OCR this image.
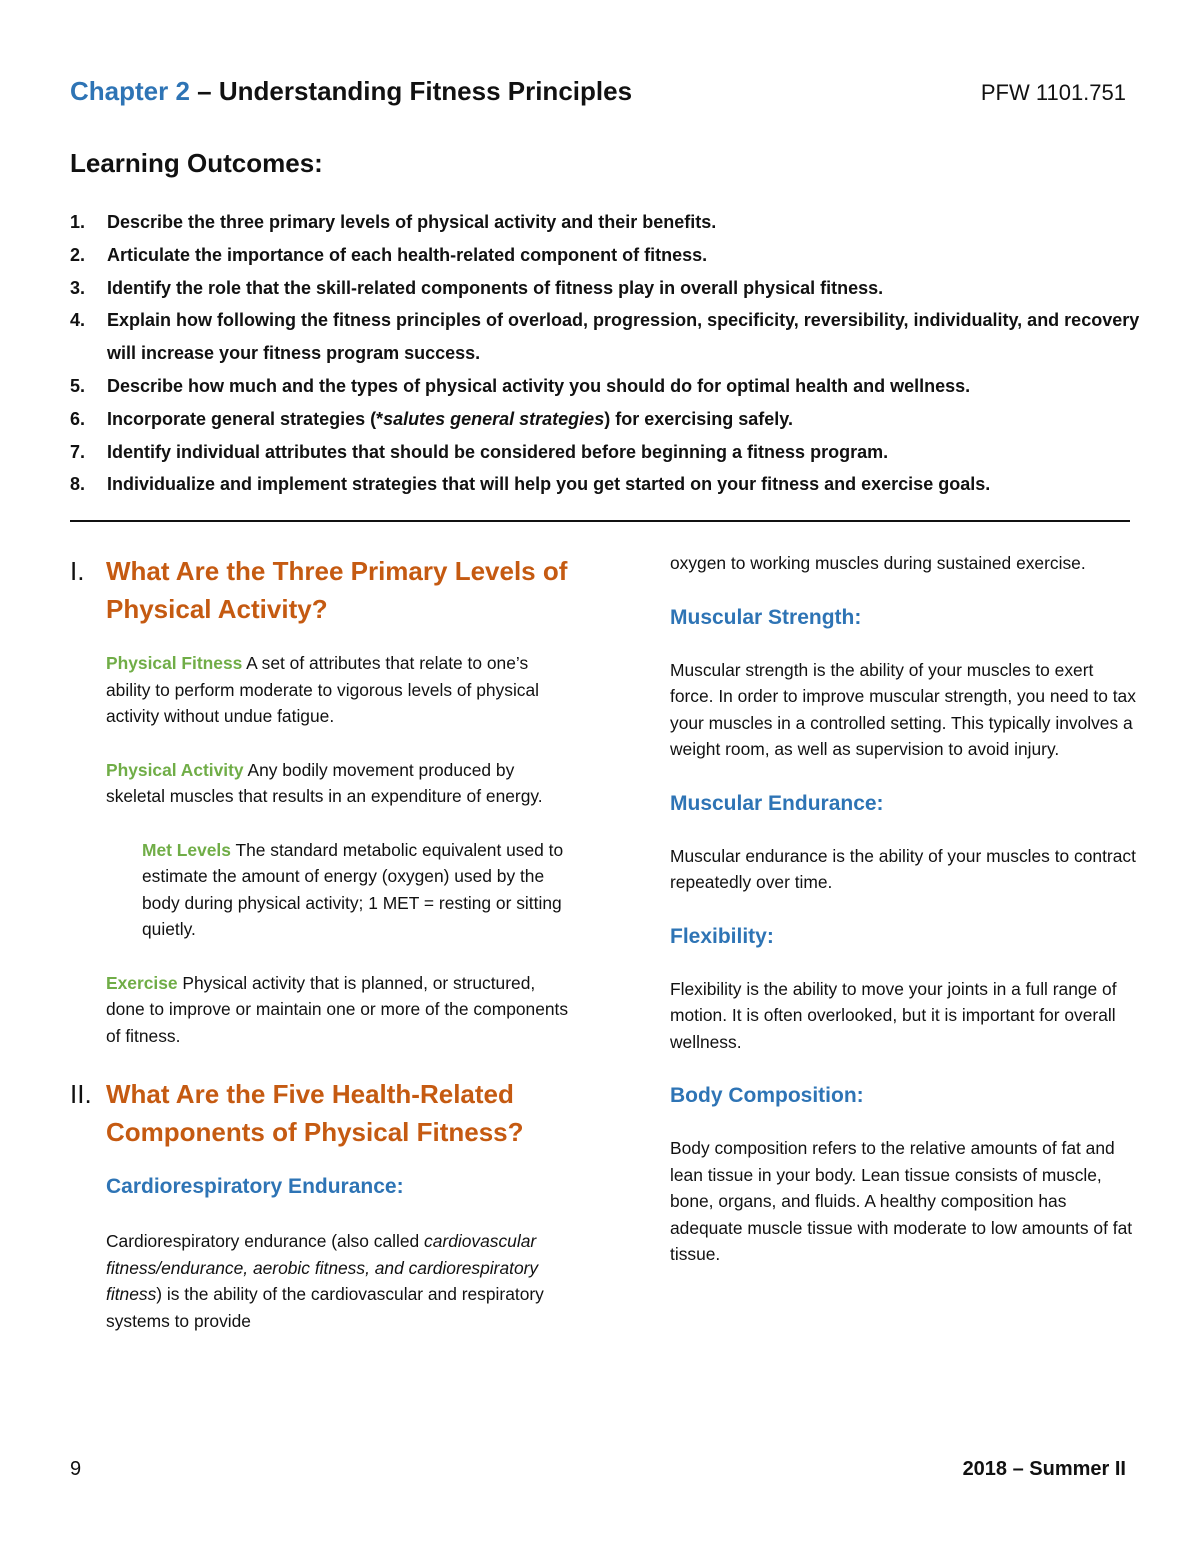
Chapter 2 – Understanding Fitness Principles	PFW 1101.751
Learning Outcomes:
1. Describe the three primary levels of physical activity and their benefits.
2. Articulate the importance of each health-related component of fitness.
3. Identify the role that the skill-related components of fitness play in overall physical fitness.
4. Explain how following the fitness principles of overload, progression, specificity, reversibility, individuality, and recovery will increase your fitness program success.
5. Describe how much and the types of physical activity you should do for optimal health and wellness.
6. Incorporate general strategies (*salutes general strategies) for exercising safely.
7. Identify individual attributes that should be considered before beginning a fitness program.
8. Individualize and implement strategies that will help you get started on your fitness and exercise goals.
I. What Are the Three Primary Levels of Physical Activity?

Physical Fitness A set of attributes that relate to one’s ability to perform moderate to vigorous levels of physical activity without undue fatigue.

Physical Activity Any bodily movement produced by skeletal muscles that results in an expenditure of energy.

Met Levels The standard metabolic equivalent used to estimate the amount of energy (oxygen) used by the body during physical activity; 1 MET = resting or sitting quietly.

Exercise Physical activity that is planned, or structured, done to improve or maintain one or more of the components of fitness.

II. What Are the Five Health-Related Components of Physical Fitness?
Cardiorespiratory Endurance:

Cardiorespiratory endurance (also called cardiovascular fitness/endurance, aerobic fitness, and cardiorespiratory fitness) is the ability of the cardiovascular and respiratory systems to provide

oxygen to working muscles during sustained exercise.

Muscular Strength:

Muscular strength is the ability of your muscles to exert force. In order to improve muscular strength, you need to tax your muscles in a controlled setting. This typically involves a weight room, as well as supervision to avoid injury.

Muscular Endurance:

Muscular endurance is the ability of your muscles to contract repeatedly over time.

Flexibility:

Flexibility is the ability to move your joints in a full range of motion. It is often overlooked, but it is important for overall wellness.

Body Composition:

Body composition refers to the relative amounts of fat and lean tissue in your body. Lean tissue consists of muscle, bone, organs, and fluids. A healthy composition has adequate muscle tissue with moderate to low amounts of fat tissue.

9	2018 – Summer II
